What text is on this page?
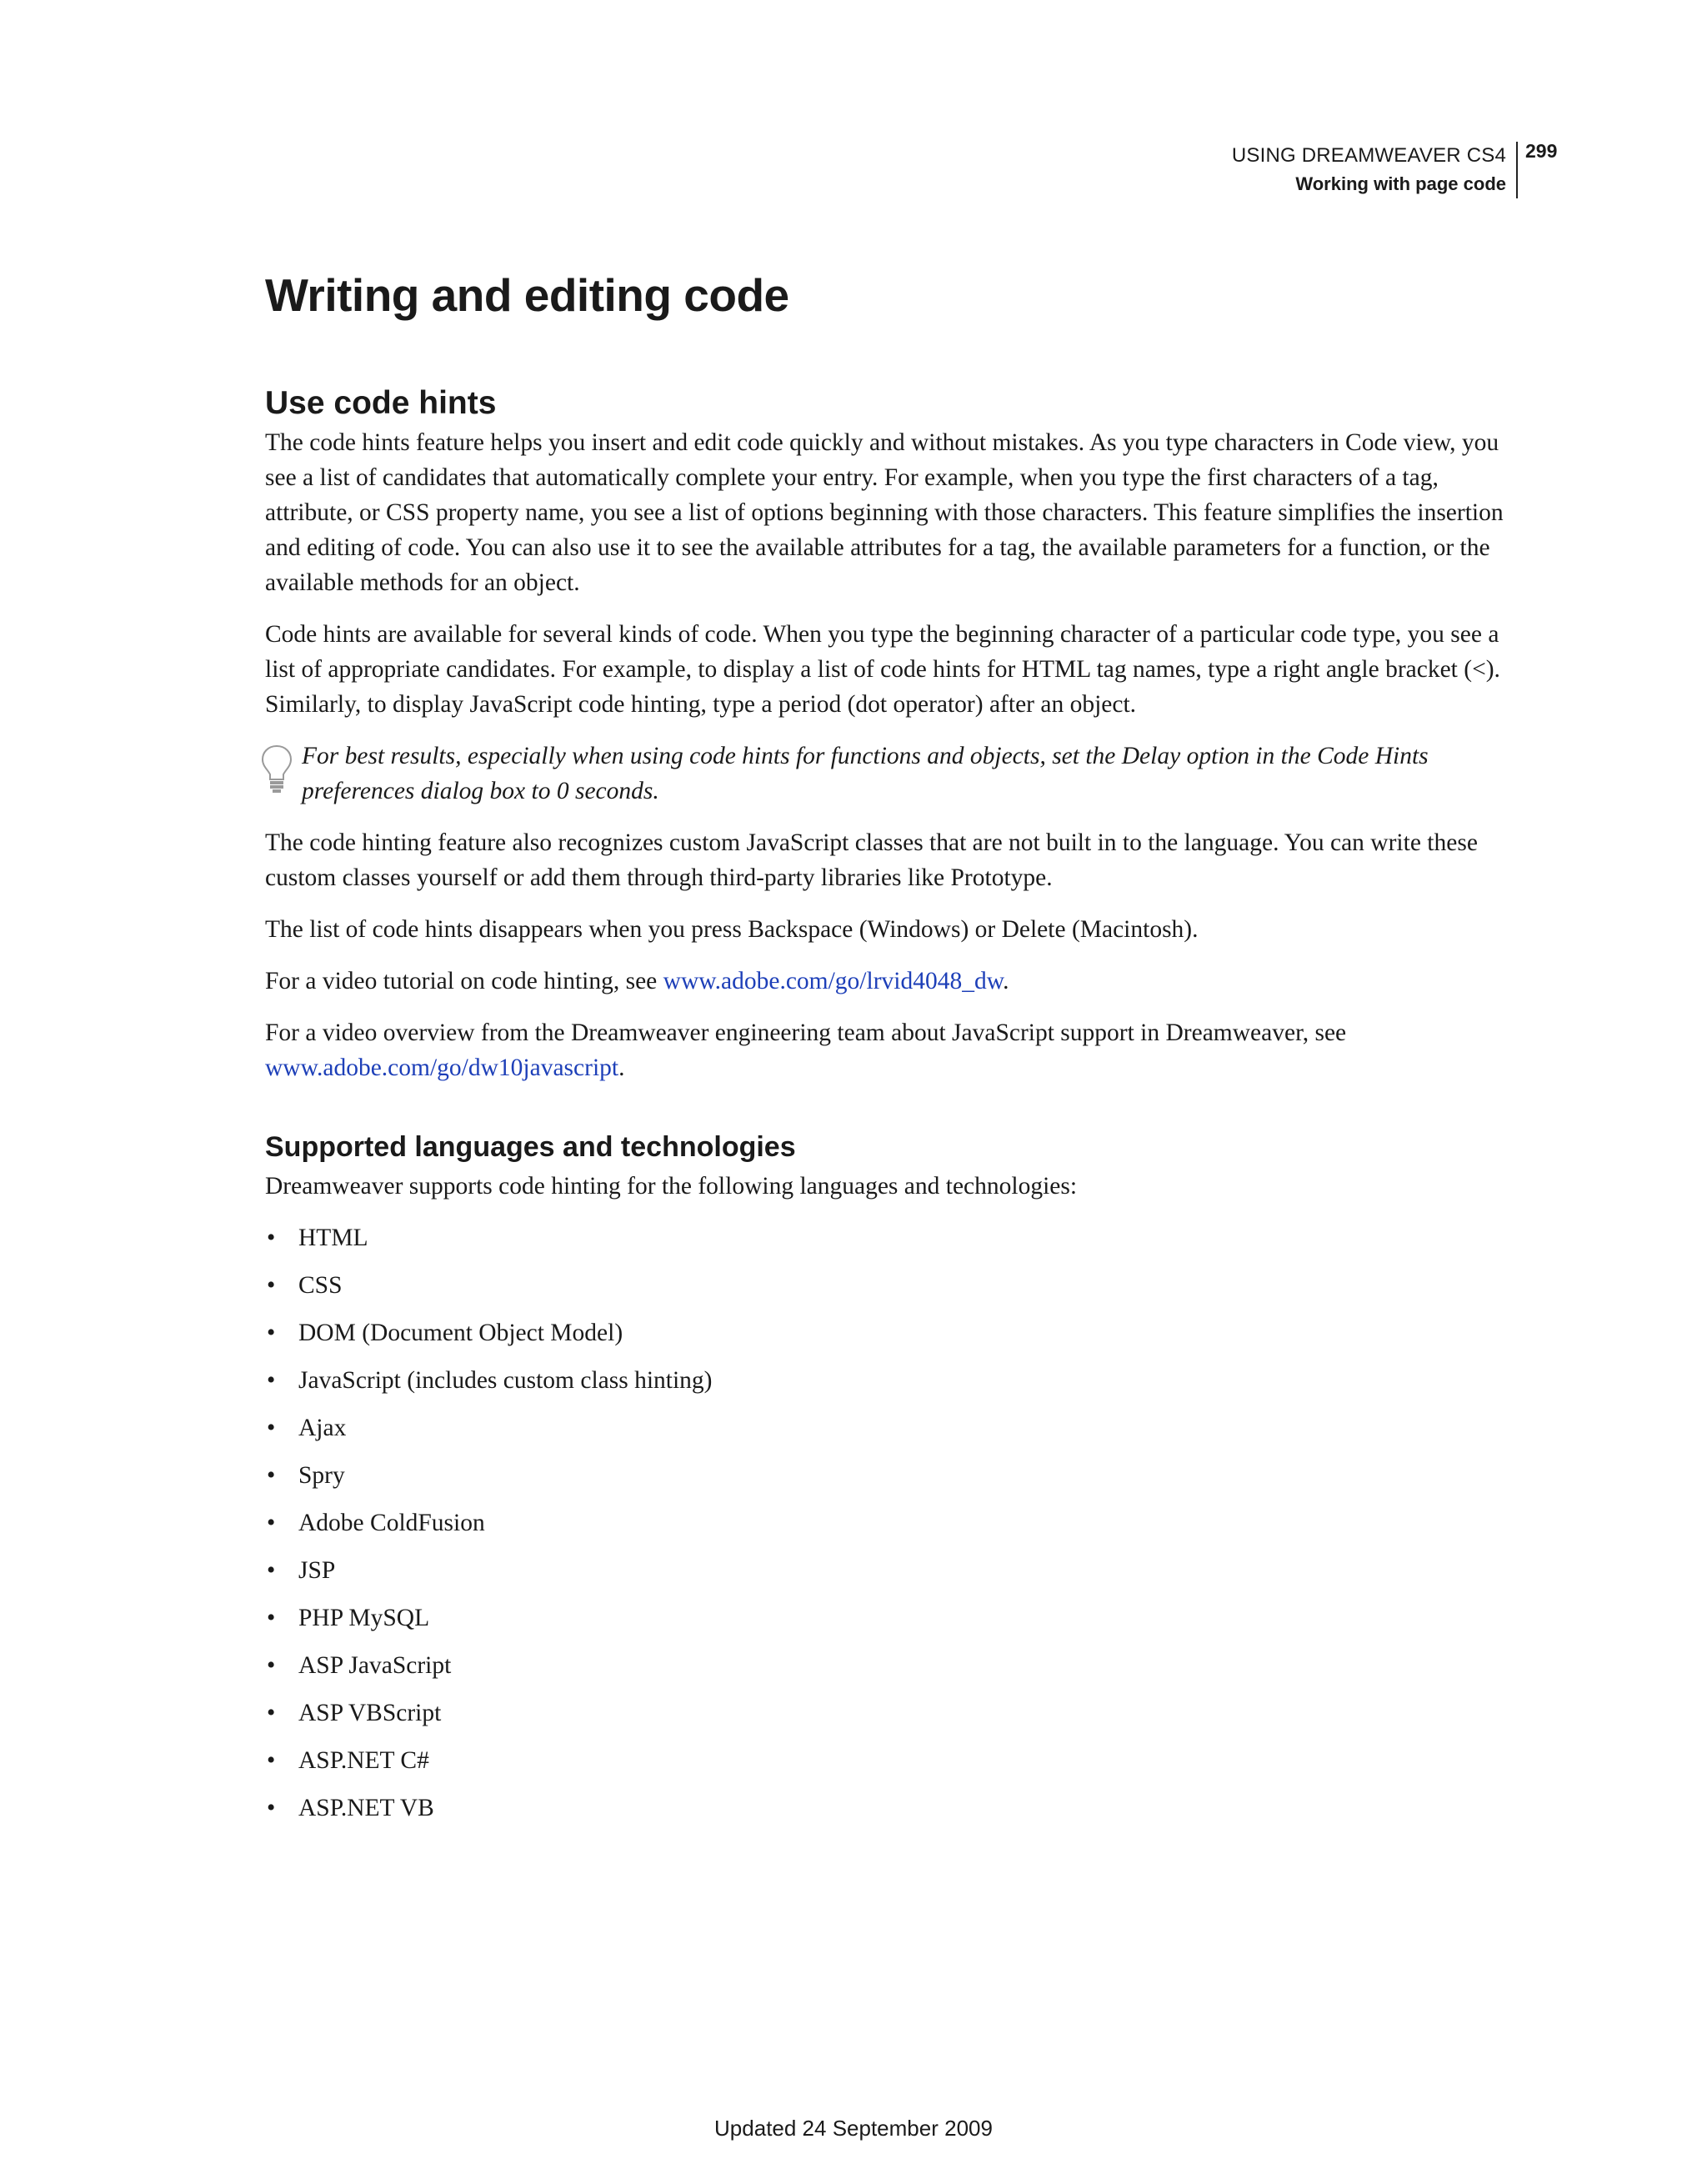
USING DREAMWEAVER CS4
Working with page code
299
Writing and editing code
Use code hints

The code hints feature helps you insert and edit code quickly and without mistakes. As you type characters in Code view, you see a list of candidates that automatically complete your entry. For example, when you type the first characters of a tag, attribute, or CSS property name, you see a list of options beginning with those characters. This feature simplifies the insertion and editing of code. You can also use it to see the available attributes for a tag, the available parameters for a function, or the available methods for an object.

Code hints are available for several kinds of code. When you type the beginning character of a particular code type, you see a list of appropriate candidates. For example, to display a list of code hints for HTML tag names, type a right angle bracket (<). Similarly, to display JavaScript code hinting, type a period (dot operator) after an object.

For best results, especially when using code hints for functions and objects, set the Delay option in the Code Hints preferences dialog box to 0 seconds.

The code hinting feature also recognizes custom JavaScript classes that are not built in to the language. You can write these custom classes yourself or add them through third-party libraries like Prototype.

The list of code hints disappears when you press Backspace (Windows) or Delete (Macintosh).

For a video tutorial on code hinting, see www.adobe.com/go/lrvid4048_dw.

For a video overview from the Dreamweaver engineering team about JavaScript support in Dreamweaver, see www.adobe.com/go/dw10javascript.

Supported languages and technologies

Dreamweaver supports code hinting for the following languages and technologies:

• HTML
• CSS
• DOM (Document Object Model)
• JavaScript (includes custom class hinting)
• Ajax
• Spry
• Adobe ColdFusion
• JSP
• PHP MySQL
• ASP JavaScript
• ASP VBScript
• ASP.NET C#
• ASP.NET VB
Updated 24 September 2009
